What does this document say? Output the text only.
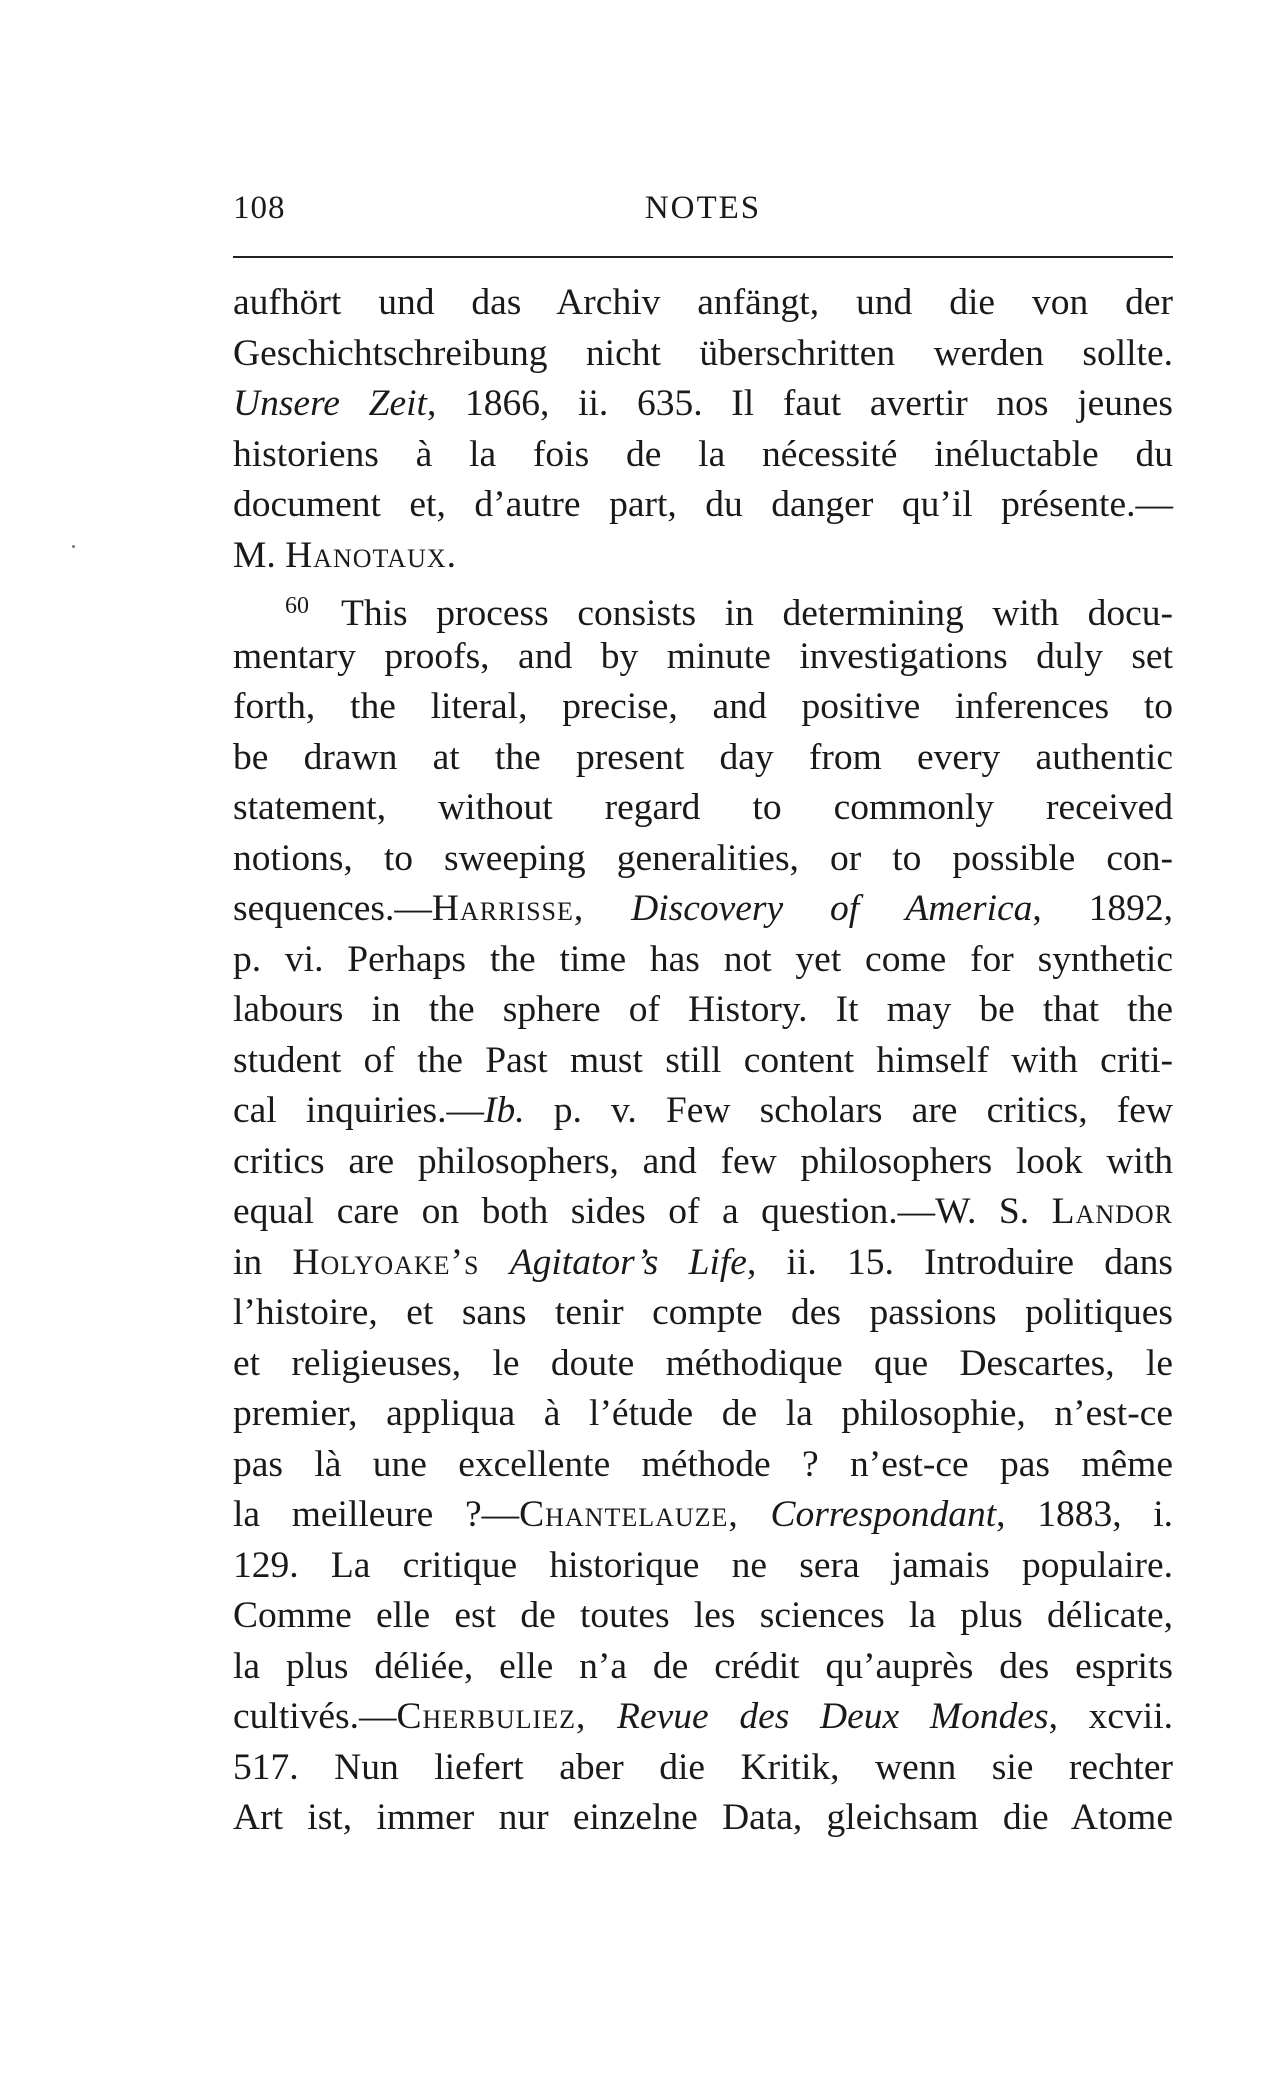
108	NOTES
aufhört und das Archiv anfängt, und die von der
Geschichtschreibung nicht überschritten werden sollte.
Unsere Zeit, 1866, ii. 635. Il faut avertir nos jeunes
historiens à la fois de la nécessité inéluctable du
document et, d’autre part, du danger qu’il présente.—
M. Hanotaux.
$^{60}$ This process consists in determining with docu-
mentary proofs, and by minute investigations duly set
forth, the literal, precise, and positive inferences to
be drawn at the present day from every authentic
statement, without regard to commonly received
notions, to sweeping generalities, or to possible con-
sequences.—Harrisse, Discovery of America, 1892,
p. vi. Perhaps the time has not yet come for synthetic
labours in the sphere of History. It may be that the
student of the Past must still content himself with criti-
cal inquiries.—Ib. p. v. Few scholars are critics, few
critics are philosophers, and few philosophers look with
equal care on both sides of a question.—W. S. Landor
in Holyoake’s Agitator’s Life, ii. 15. Introduire dans
l’histoire, et sans tenir compte des passions politiques
et religieuses, le doute méthodique que Descartes, le
premier, appliqua à l’étude de la philosophie, n’est-ce
pas là une excellente méthode ? n’est-ce pas même
la meilleure ?—Chantelauze, Correspondant, 1883, i.
129. La critique historique ne sera jamais populaire.
Comme elle est de toutes les sciences la plus délicate,
la plus déliée, elle n’a de crédit qu’auprès des esprits
cultivés.—Cherbuliez, Revue des Deux Mondes, xcvii.
517. Nun liefert aber die Kritik, wenn sie rechter
Art ist, immer nur einzelne Data, gleichsam die Atome
